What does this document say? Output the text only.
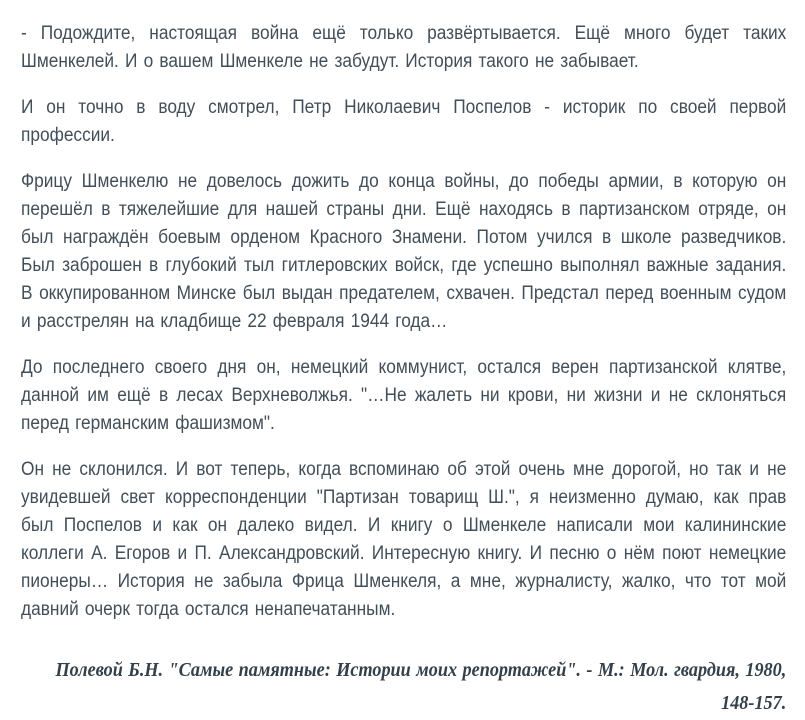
- Подождите, настоящая война ещё только развёртывается. Ещё много будет таких Шменкелей. И о вашем Шменкеле не забудут. История такого не забывает.

И он точно в воду смотрел, Петр Николаевич Поспелов - историк по своей первой профессии.

Фрицу Шменкелю не довелось дожить до конца войны, до победы армии, в которую он перешёл в тяжелейшие для нашей страны дни. Ещё находясь в партизанском отряде, он был награждён боевым орденом Красного Знамени. Потом учился в школе разведчиков. Был заброшен в глубокий тыл гитлеровских войск, где успешно выполнял важные задания. В оккупированном Минске был выдан предателем, схвачен. Предстал перед военным судом и расстрелян на кладбище 22 февраля 1944 года…

До последнего своего дня он, немецкий коммунист, остался верен партизанской клятве, данной им ещё в лесах Верхневолжья. "…Не жалеть ни крови, ни жизни и не склоняться перед германским фашизмом".

Он не склонился. И вот теперь, когда вспоминаю об этой очень мне дорогой, но так и не увидевшей свет корреспонденции "Партизан товарищ Ш.", я неизменно думаю, как прав был Поспелов и как он далеко видел. И книгу о Шменкеле написали мои калининские коллеги А. Егоров и П. Александровский. Интересную книгу. И песню о нём поют немецкие пионеры… История не забыла Фрица Шменкеля, а мне, журналисту, жалко, что тот мой давний очерк тогда остался ненапечатанным.

Полевой Б.Н. "Самые памятные: Истории моих репортажей". - М.: Мол. гвардия, 1980, 148-157.
